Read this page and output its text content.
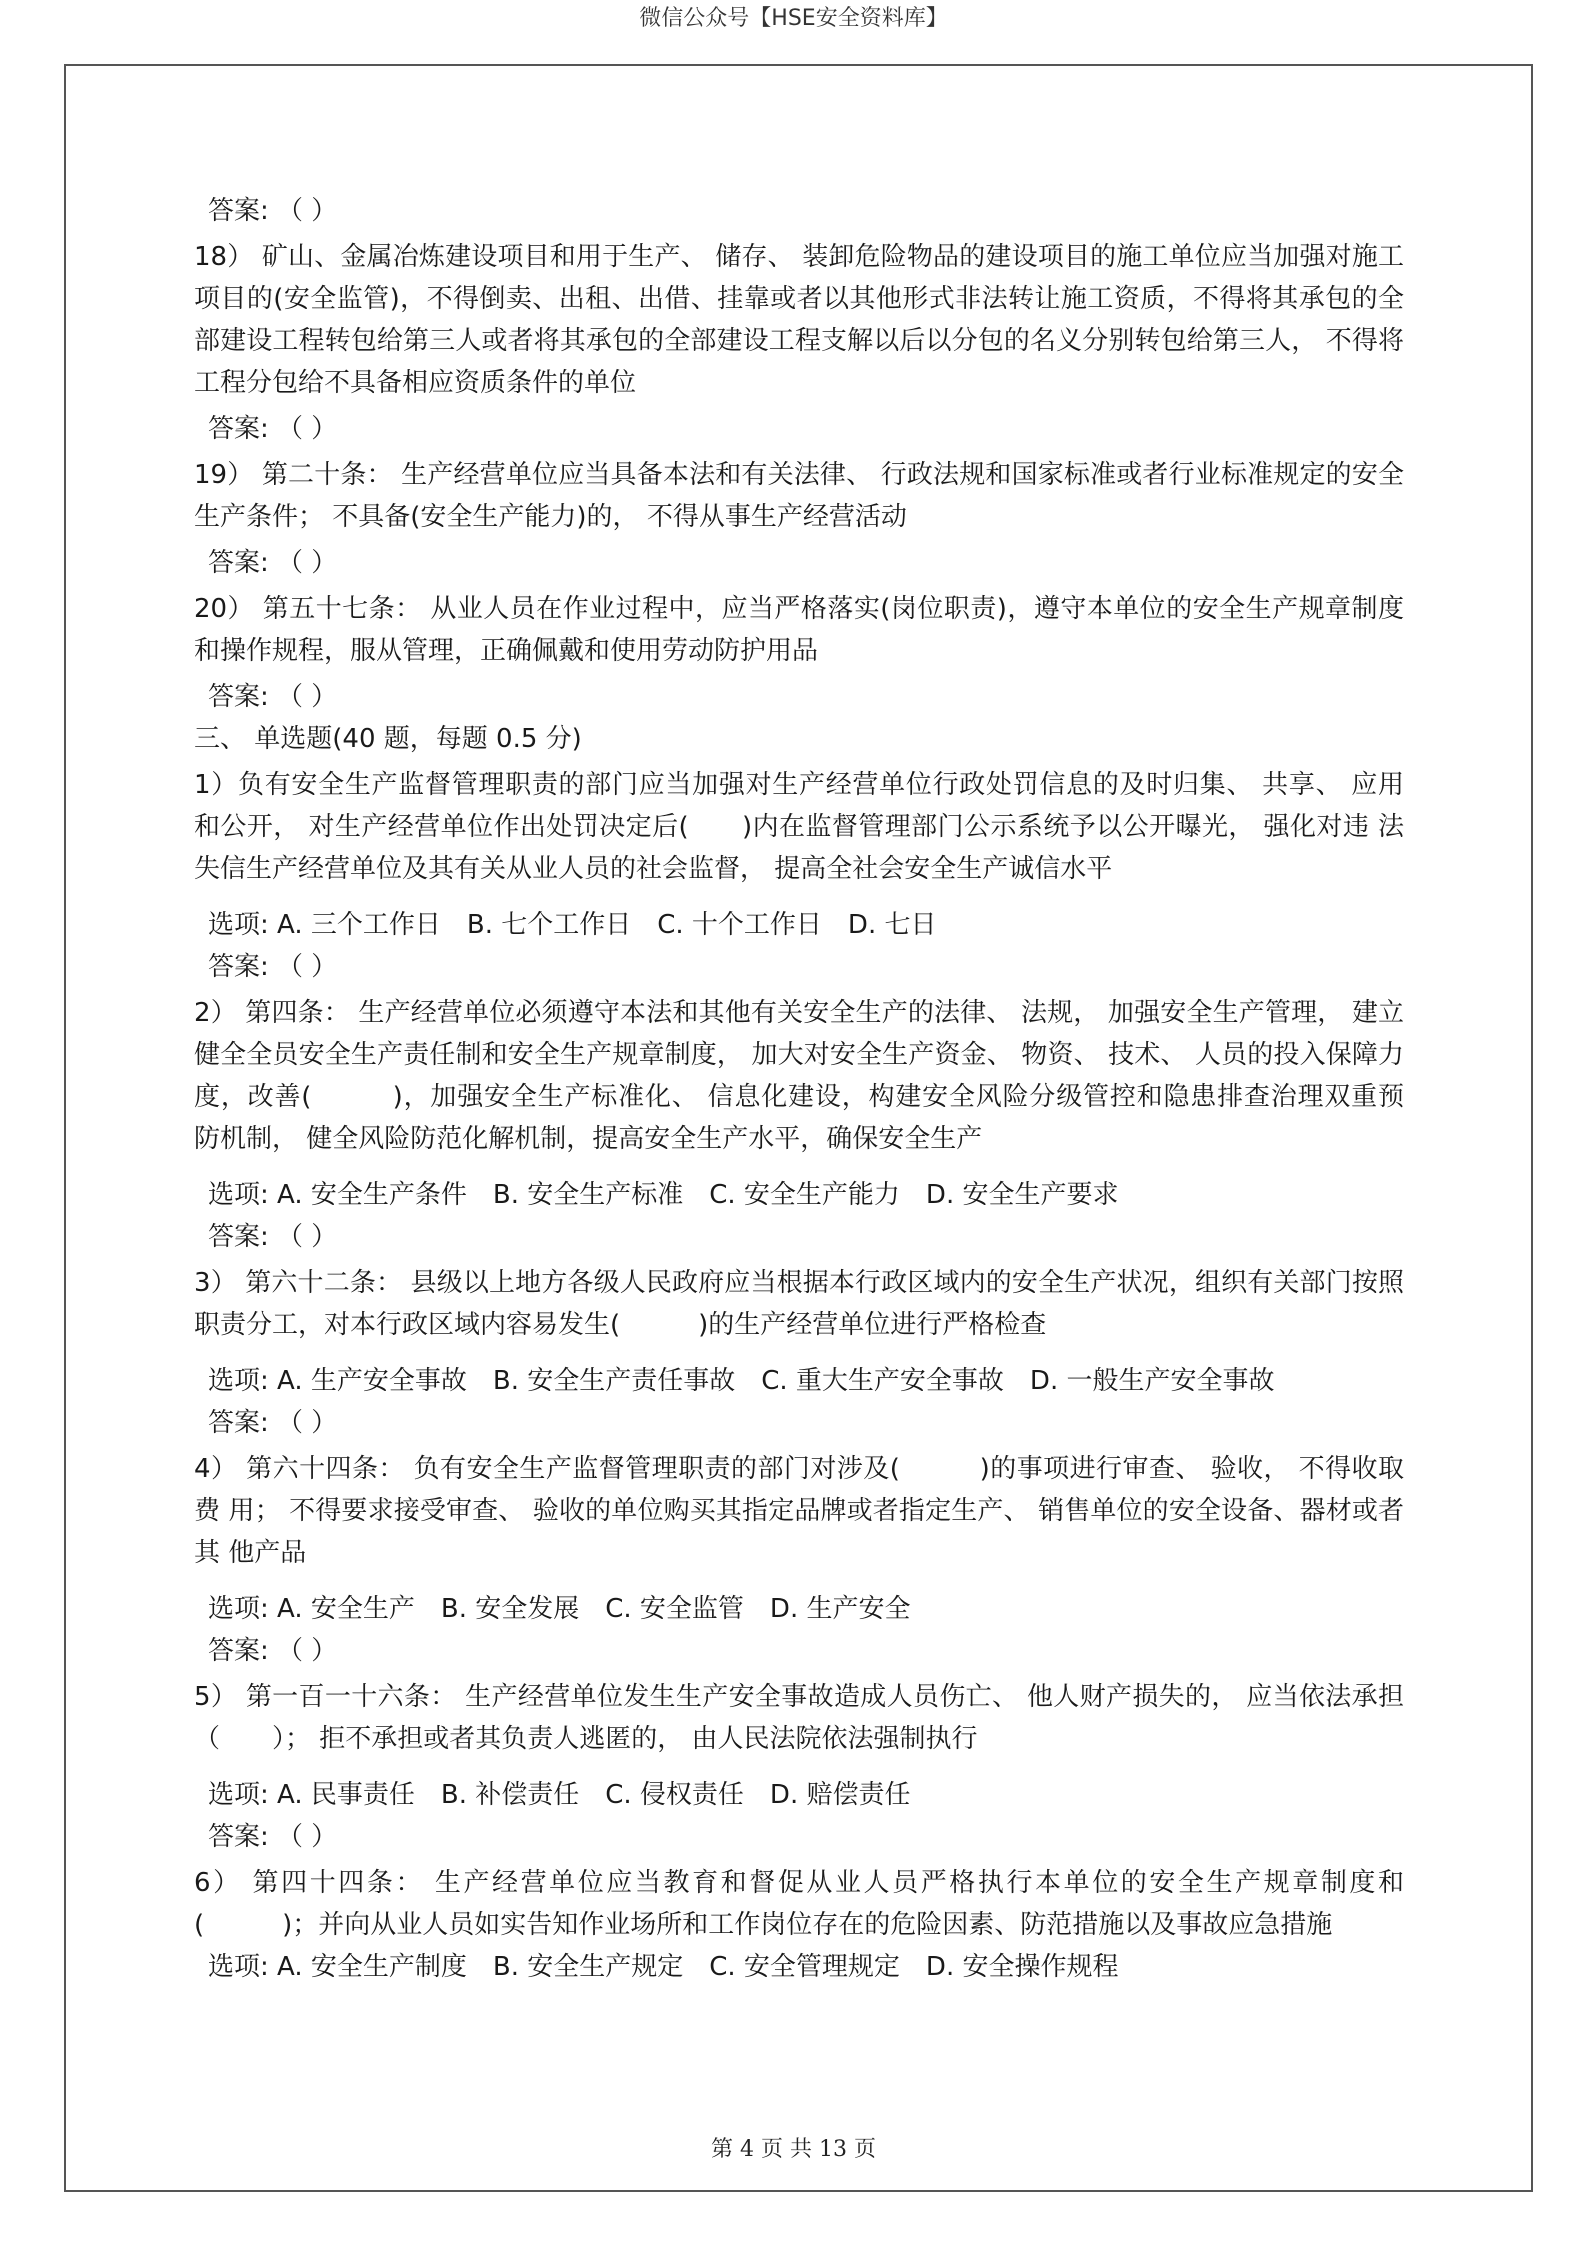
微信公众号【HSE安全资料库】

答案: （ ）

18） 矿山、金属冶炼建设项目和用于生产、 储存、 装卸危险物品的建设项目的施工单位应当加强对施工项目的(安全监管)，不得倒卖、出租、出借、挂靠或者以其他形式非法转让施工资质，不得将其承包的全部建设工程转包给第三人或者将其承包的全部建设工程支解以后以分包的名义分别转包给第三人， 不得将工程分包给不具备相应资质条件的单位

答案: （ ）

19） 第二十条： 生产经营单位应当具备本法和有关法律、 行政法规和国家标准或者行业标准规定的安全 生产条件； 不具备(安全生产能力)的， 不得从事生产经营活动

答案: （ ）

20） 第五十七条： 从业人员在作业过程中，应当严格落实(岗位职责)，遵守本单位的安全生产规章制度和操作规程，服从管理，正确佩戴和使用劳动防护用品

答案: （ ）

三、 单选题(40 题，每题 0.5 分)

1）负有安全生产监督管理职责的部门应当加强对生产经营单位行政处罚信息的及时归集、 共享、 应用 和公开， 对生产经营单位作出处罚决定后(　　)内在监督管理部门公示系统予以公开曝光， 强化对违 法失信生产经营单位及其有关从业人员的社会监督， 提高全社会安全生产诚信水平

选项: A. 三个工作日　B. 七个工作日　C. 十个工作日　D. 七日

答案: （ ）

2） 第四条： 生产经营单位必须遵守本法和其他有关安全生产的法律、 法规， 加强安全生产管理， 建立　健全全员安全生产责任制和安全生产规章制度， 加大对安全生产资金、 物资、 技术、 人员的投入保障力 度，改善(　　　)，加强安全生产标准化、 信息化建设，构建安全风险分级管控和隐患排查治理双重预　防机制， 健全风险防范化解机制，提高安全生产水平，确保安全生产

选项: A. 安全生产条件　B. 安全生产标准　C. 安全生产能力　D. 安全生产要求

答案: （ ）

3） 第六十二条： 县级以上地方各级人民政府应当根据本行政区域内的安全生产状况，组织有关部门按照职责分工，对本行政区域内容易发生(　　　)的生产经营单位进行严格检查

选项: A. 生产安全事故　B. 安全生产责任事故　C. 重大生产安全事故　D. 一般生产安全事故

答案: （ ）

4） 第六十四条： 负有安全生产监督管理职责的部门对涉及(　　　)的事项进行审查、 验收， 不得收取费 用； 不得要求接受审查、 验收的单位购买其指定品牌或者指定生产、 销售单位的安全设备、器材或者其 他产品

选项: A. 安全生产　B. 安全发展　C. 安全监管　D. 生产安全

答案: （ ）

5） 第一百一十六条： 生产经营单位发生生产安全事故造成人员伤亡、 他人财产损失的， 应当依法承担（　　）； 拒不承担或者其负责人逃匿的， 由人民法院依法强制执行

选项: A. 民事责任　B. 补偿责任　C. 侵权责任　D. 赔偿责任

答案: （ ）

6） 第四十四条： 生产经营单位应当教育和督促从业人员严格执行本单位的安全生产规章制度和(　　　)；并向从业人员如实告知作业场所和工作岗位存在的危险因素、防范措施以及事故应急措施

选项: A. 安全生产制度　B. 安全生产规定　C. 安全管理规定　D. 安全操作规程

第 4 页 共 13 页
